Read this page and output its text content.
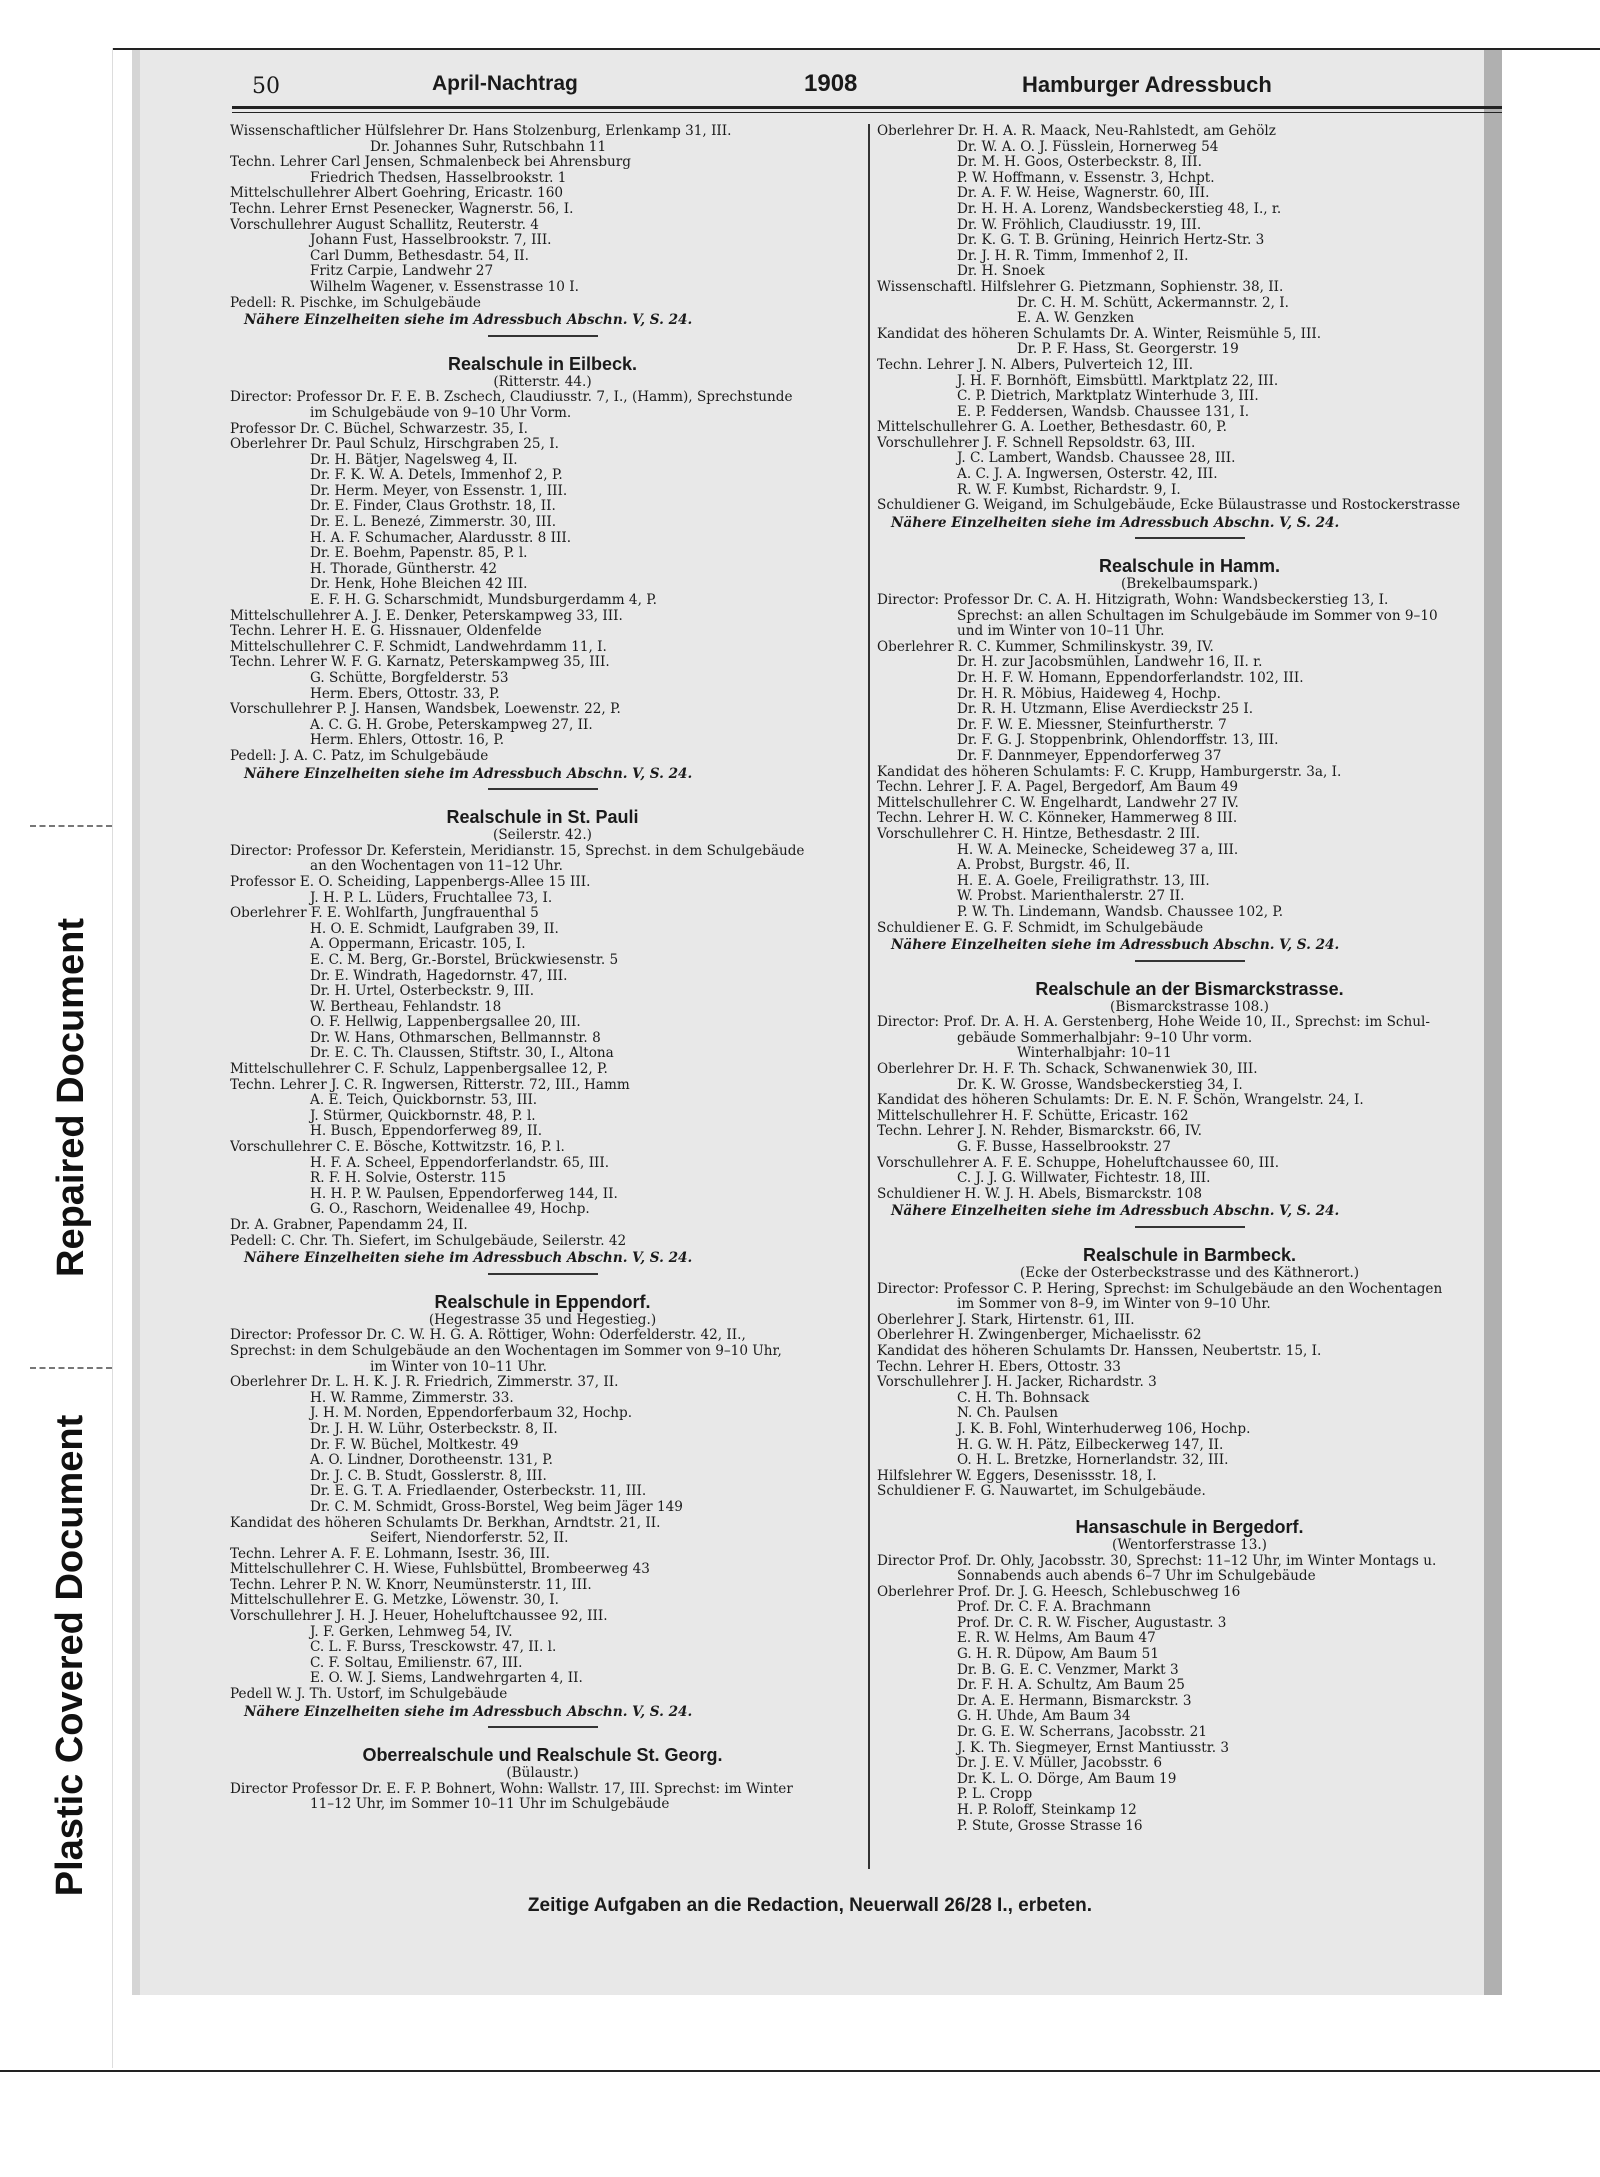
Repaired Document
Plastic Covered Document
50	April-Nachtrag	1908	Hamburger Adressbuch
Wissenschaftlicher Hülfslehrer Dr. Hans Stolzenburg, Erlenkamp 31, III.
Dr. Johannes Suhr, Rutschbahn 11
Techn. Lehrer Carl Jensen, Schmalenbeck bei Ahrensburg
Friedrich Thedsen, Hasselbrookstr. 1
Mittelschullehrer Albert Goehring, Ericastr. 160
Techn. Lehrer Ernst Pesenecker, Wagnerstr. 56, I.
Vorschullehrer August Schallitz, Reuterstr. 4
Johann Fust, Hasselbrookstr. 7, III.
Carl Dumm, Bethesdastr. 54, II.
Fritz Carpie, Landwehr 27
Wilhelm Wagener, v. Essenstrasse 10 I.
Pedell: R. Pischke, im Schulgebäude
Nähere Einzelheiten siehe im Adressbuch Abschn. V, S. 24.
Realschule in Eilbeck.
(Ritterstr. 44.)
Director: Professor Dr. F. E. B. Zschech, Claudiusstr. 7, I., (Hamm), Sprechstunde
im Schulgebäude von 9–10 Uhr Vorm.
Professor Dr. C. Büchel, Schwarzestr. 35, I.
Oberlehrer Dr. Paul Schulz, Hirschgraben 25, I.
Dr. H. Bätjer, Nagelsweg 4, II.
Dr. F. K. W. A. Detels, Immenhof 2, P.
Dr. Herm. Meyer, von Essenstr. 1, III.
Dr. E. Finder, Claus Grothstr. 18, II.
Dr. E. L. Benezé, Zimmerstr. 30, III.
H. A. F. Schumacher, Alardusstr. 8 III.
Dr. E. Boehm, Papenstr. 85, P. l.
H. Thorade, Güntherstr. 42
Dr. Henk, Hohe Bleichen 42 III.
E. F. H. G. Scharschmidt, Mundsburgerdamm 4, P.
Mittelschullehrer A. J. E. Denker, Peterskampweg 33, III.
Techn. Lehrer H. E. G. Hissnauer, Oldenfelde
Mittelschullehrer C. F. Schmidt, Landwehrdamm 11, I.
Techn. Lehrer W. F. G. Karnatz, Peterskampweg 35, III.
G. Schütte, Borgfelderstr. 53
Herm. Ebers, Ottostr. 33, P.
Vorschullehrer P. J. Hansen, Wandsbek, Loewenstr. 22, P.
A. C. G. H. Grobe, Peterskampweg 27, II.
Herm. Ehlers, Ottostr. 16, P.
Pedell: J. A. C. Patz, im Schulgebäude
Nähere Einzelheiten siehe im Adressbuch Abschn. V, S. 24.
Realschule in St. Pauli
(Seilerstr. 42.)
Director: Professor Dr. Keferstein, Meridianstr. 15, Sprechst. in dem Schulgebäude
an den Wochentagen von 11–12 Uhr.
Professor E. O. Scheiding, Lappenbergs-Allee 15 III.
J. H. P. L. Lüders, Fruchtallee 73, I.
Oberlehrer F. E. Wohlfarth, Jungfrauenthal 5
H. O. E. Schmidt, Laufgraben 39, II.
A. Oppermann, Ericastr. 105, I.
E. C. M. Berg, Gr.-Borstel, Brückwiesenstr. 5
Dr. E. Windrath, Hagedornstr. 47, III.
Dr. H. Urtel, Osterbeckstr. 9, III.
W. Bertheau, Fehlandstr. 18
O. F. Hellwig, Lappenbergsallee 20, III.
Dr. W. Hans, Othmarschen, Bellmannstr. 8
Dr. E. C. Th. Claussen, Stiftstr. 30, I., Altona
Mittelschullehrer C. F. Schulz, Lappenbergsallee 12, P.
Techn. Lehrer J. C. R. Ingwersen, Ritterstr. 72, III., Hamm
A. E. Teich, Quickbornstr. 53, III.
J. Stürmer, Quickbornstr. 48, P. l.
H. Busch, Eppendorferweg 89, II.
Vorschullehrer C. E. Bösche, Kottwitzstr. 16, P. l.
H. F. A. Scheel, Eppendorferlandstr. 65, III.
R. F. H. Solvie, Osterstr. 115
H. H. P. W. Paulsen, Eppendorferweg 144, II.
G. O., Raschorn, Weidenallee 49, Hochp.
Dr. A. Grabner, Papendamm 24, II.
Pedell: C. Chr. Th. Siefert, im Schulgebäude, Seilerstr. 42
Nähere Einzelheiten siehe im Adressbuch Abschn. V, S. 24.
Realschule in Eppendorf.
(Hegestrasse 35 und Hegestieg.)
Director: Professor Dr. C. W. H. G. A. Röttiger, Wohn: Oderfelderstr. 42, II.,
Sprechst: in dem Schulgebäude an den Wochentagen im Sommer von 9–10 Uhr,
im Winter von 10–11 Uhr.
Oberlehrer Dr. L. H. K. J. R. Friedrich, Zimmerstr. 37, II.
H. W. Ramme, Zimmerstr. 33.
J. H. M. Norden, Eppendorferbaum 32, Hochp.
Dr. J. H. W. Lühr, Osterbeckstr. 8, II.
Dr. F. W. Büchel, Moltkestr. 49
A. O. Lindner, Dorotheenstr. 131, P.
Dr. J. C. B. Studt, Gosslerstr. 8, III.
Dr. E. G. T. A. Friedlaender, Osterbeckstr. 11, III.
Dr. C. M. Schmidt, Gross-Borstel, Weg beim Jäger 149
Kandidat des höheren Schulamts Dr. Berkhan, Arndtstr. 21, II.
Seifert, Niendorferstr. 52, II.
Techn. Lehrer A. F. E. Lohmann, Isestr. 36, III.
Mittelschullehrer C. H. Wiese, Fuhlsbüttel, Brombeerweg 43
Techn. Lehrer P. N. W. Knorr, Neumünsterstr. 11, III.
Mittelschullehrer E. G. Metzke, Löwenstr. 30, I.
Vorschullehrer J. H. J. Heuer, Hoheluftchaussee 92, III.
J. F. Gerken, Lehmweg 54, IV.
C. L. F. Burss, Tresckowstr. 47, II. l.
C. F. Soltau, Emilienstr. 67, III.
E. O. W. J. Siems, Landwehrgarten 4, II.
Pedell W. J. Th. Ustorf, im Schulgebäude
Nähere Einzelheiten siehe im Adressbuch Abschn. V, S. 24.
Oberrealschule und Realschule St. Georg.
(Bülaustr.)
Director Professor Dr. E. F. P. Bohnert, Wohn: Wallstr. 17, III. Sprechst: im Winter
11–12 Uhr, im Sommer 10–11 Uhr im Schulgebäude
Oberlehrer Dr. H. A. R. Maack, Neu-Rahlstedt, am Gehölz
Dr. W. A. O. J. Füsslein, Hornerweg 54
Dr. M. H. Goos, Osterbeckstr. 8, III.
P. W. Hoffmann, v. Essenstr. 3, Hchpt.
Dr. A. F. W. Heise, Wagnerstr. 60, III.
Dr. H. H. A. Lorenz, Wandsbeckerstieg 48, I., r.
Dr. W. Fröhlich, Claudiusstr. 19, III.
Dr. K. G. T. B. Grüning, Heinrich Hertz-Str. 3
Dr. J. H. R. Timm, Immenhof 2, II.
Dr. H. Snoek
Wissenschaftl. Hilfslehrer G. Pietzmann, Sophienstr. 38, II.
Dr. C. H. M. Schütt, Ackermannstr. 2, I.
E. A. W. Genzken
Kandidat des höheren Schulamts Dr. A. Winter, Reismühle 5, III.
Dr. P. F. Hass, St. Georgerstr. 19
Techn. Lehrer J. N. Albers, Pulverteich 12, III.
J. H. F. Bornhöft, Eimsbüttl. Marktplatz 22, III.
C. P. Dietrich, Marktplatz Winterhude 3, III.
E. P. Feddersen, Wandsb. Chaussee 131, I.
Mittelschullehrer G. A. Loether, Bethesdastr. 60, P.
Vorschullehrer J. F. Schnell Repsoldstr. 63, III.
J. C. Lambert, Wandsb. Chaussee 28, III.
A. C. J. A. Ingwersen, Osterstr. 42, III.
R. W. F. Kumbst, Richardstr. 9, I.
Schuldiener G. Weigand, im Schulgebäude, Ecke Bülaustrasse und Rostockerstrasse
Nähere Einzelheiten siehe im Adressbuch Abschn. V, S. 24.
Realschule in Hamm.
(Brekelbaumspark.)
Director: Professor Dr. C. A. H. Hitzigrath, Wohn: Wandsbeckerstieg 13, I.
Sprechst: an allen Schultagen im Schulgebäude im Sommer von 9–10
und im Winter von 10–11 Uhr.
Oberlehrer R. C. Kummer, Schmilinskystr. 39, IV.
Dr. H. zur Jacobsmühlen, Landwehr 16, II. r.
Dr. H. F. W. Homann, Eppendorferlandstr. 102, III.
Dr. H. R. Möbius, Haideweg 4, Hochp.
Dr. R. H. Ützmann, Elise Averdieckstr 25 I.
Dr. F. W. E. Miessner, Steinfurtherstr. 7
Dr. F. G. J. Stoppenbrink, Ohlendorffstr. 13, III.
Dr. F. Dannmeyer, Eppendorferweg 37
Kandidat des höheren Schulamts: F. C. Krupp, Hamburgerstr. 3a, I.
Techn. Lehrer J. F. A. Pagel, Bergedorf, Am Baum 49
Mittelschullehrer C. W. Engelhardt, Landwehr 27 IV.
Techn. Lehrer H. W. C. Könneker, Hammerweg 8 III.
Vorschullehrer C. H. Hintze, Bethesdastr. 2 III.
H. W. A. Meinecke, Scheideweg 37 a, III.
A. Probst, Burgstr. 46, II.
H. E. A. Goele, Freiligrathstr. 13, III.
W. Probst. Marienthalerstr. 27 II.
P. W. Th. Lindemann, Wandsb. Chaussee 102, P.
Schuldiener E. G. F. Schmidt, im Schulgebäude
Nähere Einzelheiten siehe im Adressbuch Abschn. V, S. 24.
Realschule an der Bismarckstrasse.
(Bismarckstrasse 108.)
Director: Prof. Dr. A. H. A. Gerstenberg, Hohe Weide 10, II., Sprechst: im Schul-
gebäude Sommerhalbjahr: 9–10 Uhr vorm.
Winterhalbjahr: 10–11
Oberlehrer Dr. H. F. Th. Schack, Schwanenwiek 30, III.
Dr. K. W. Grosse, Wandsbeckerstieg 34, I.
Kandidat des höheren Schulamts: Dr. E. N. F. Schön, Wrangelstr. 24, I.
Mittelschullehrer H. F. Schütte, Ericastr. 162
Techn. Lehrer J. N. Rehder, Bismarckstr. 66, IV.
G. F. Busse, Hasselbrookstr. 27
Vorschullehrer A. F. E. Schuppe, Hoheluftchaussee 60, III.
C. J. J. G. Willwater, Fichtestr. 18, III.
Schuldiener H. W. J. H. Abels, Bismarckstr. 108
Nähere Einzelheiten siehe im Adressbuch Abschn. V, S. 24.
Realschule in Barmbeck.
(Ecke der Osterbeckstrasse und des Käthnerort.)
Director: Professor C. P. Hering, Sprechst: im Schulgebäude an den Wochentagen
im Sommer von 8–9, im Winter von 9–10 Uhr.
Oberlehrer J. Stark, Hirtenstr. 61, III.
Oberlehrer H. Zwingenberger, Michaelisstr. 62
Kandidat des höheren Schulamts Dr. Hanssen, Neubertstr. 15, I.
Techn. Lehrer H. Ebers, Ottostr. 33
Vorschullehrer J. H. Jacker, Richardstr. 3
C. H. Th. Bohnsack
N. Ch. Paulsen
J. K. B. Fohl, Winterhuderweg 106, Hochp.
H. G. W. H. Pätz, Eilbeckerweg 147, II.
O. H. L. Bretzke, Hornerlandstr. 32, III.
Hilfslehrer W. Eggers, Desenissstr. 18, I.
Schuldiener F. G. Nauwartet, im Schulgebäude.
Hansaschule in Bergedorf.
(Wentorferstrasse 13.)
Director Prof. Dr. Ohly, Jacobsstr. 30, Sprechst: 11–12 Uhr, im Winter Montags u.
Sonnabends auch abends 6–7 Uhr im Schulgebäude
Oberlehrer Prof. Dr. J. G. Heesch, Schlebuschweg 16
Prof. Dr. C. F. A. Brachmann
Prof. Dr. C. R. W. Fischer, Augustastr. 3
E. R. W. Helms, Am Baum 47
G. H. R. Düpow, Am Baum 51
Dr. B. G. E. C. Venzmer, Markt 3
Dr. F. H. A. Schultz, Am Baum 25
Dr. A. E. Hermann, Bismarckstr. 3
G. H. Uhde, Am Baum 34
Dr. G. E. W. Scherrans, Jacobsstr. 21
J. K. Th. Siegmeyer, Ernst Mantiusstr. 3
Dr. J. E. V. Müller, Jacobsstr. 6
Dr. K. L. O. Dörge, Am Baum 19
P. L. Cropp
H. P. Roloff, Steinkamp 12
P. Stute, Grosse Strasse 16
Zeitige Aufgaben an die Redaction, Neuerwall 26/28 I., erbeten.
